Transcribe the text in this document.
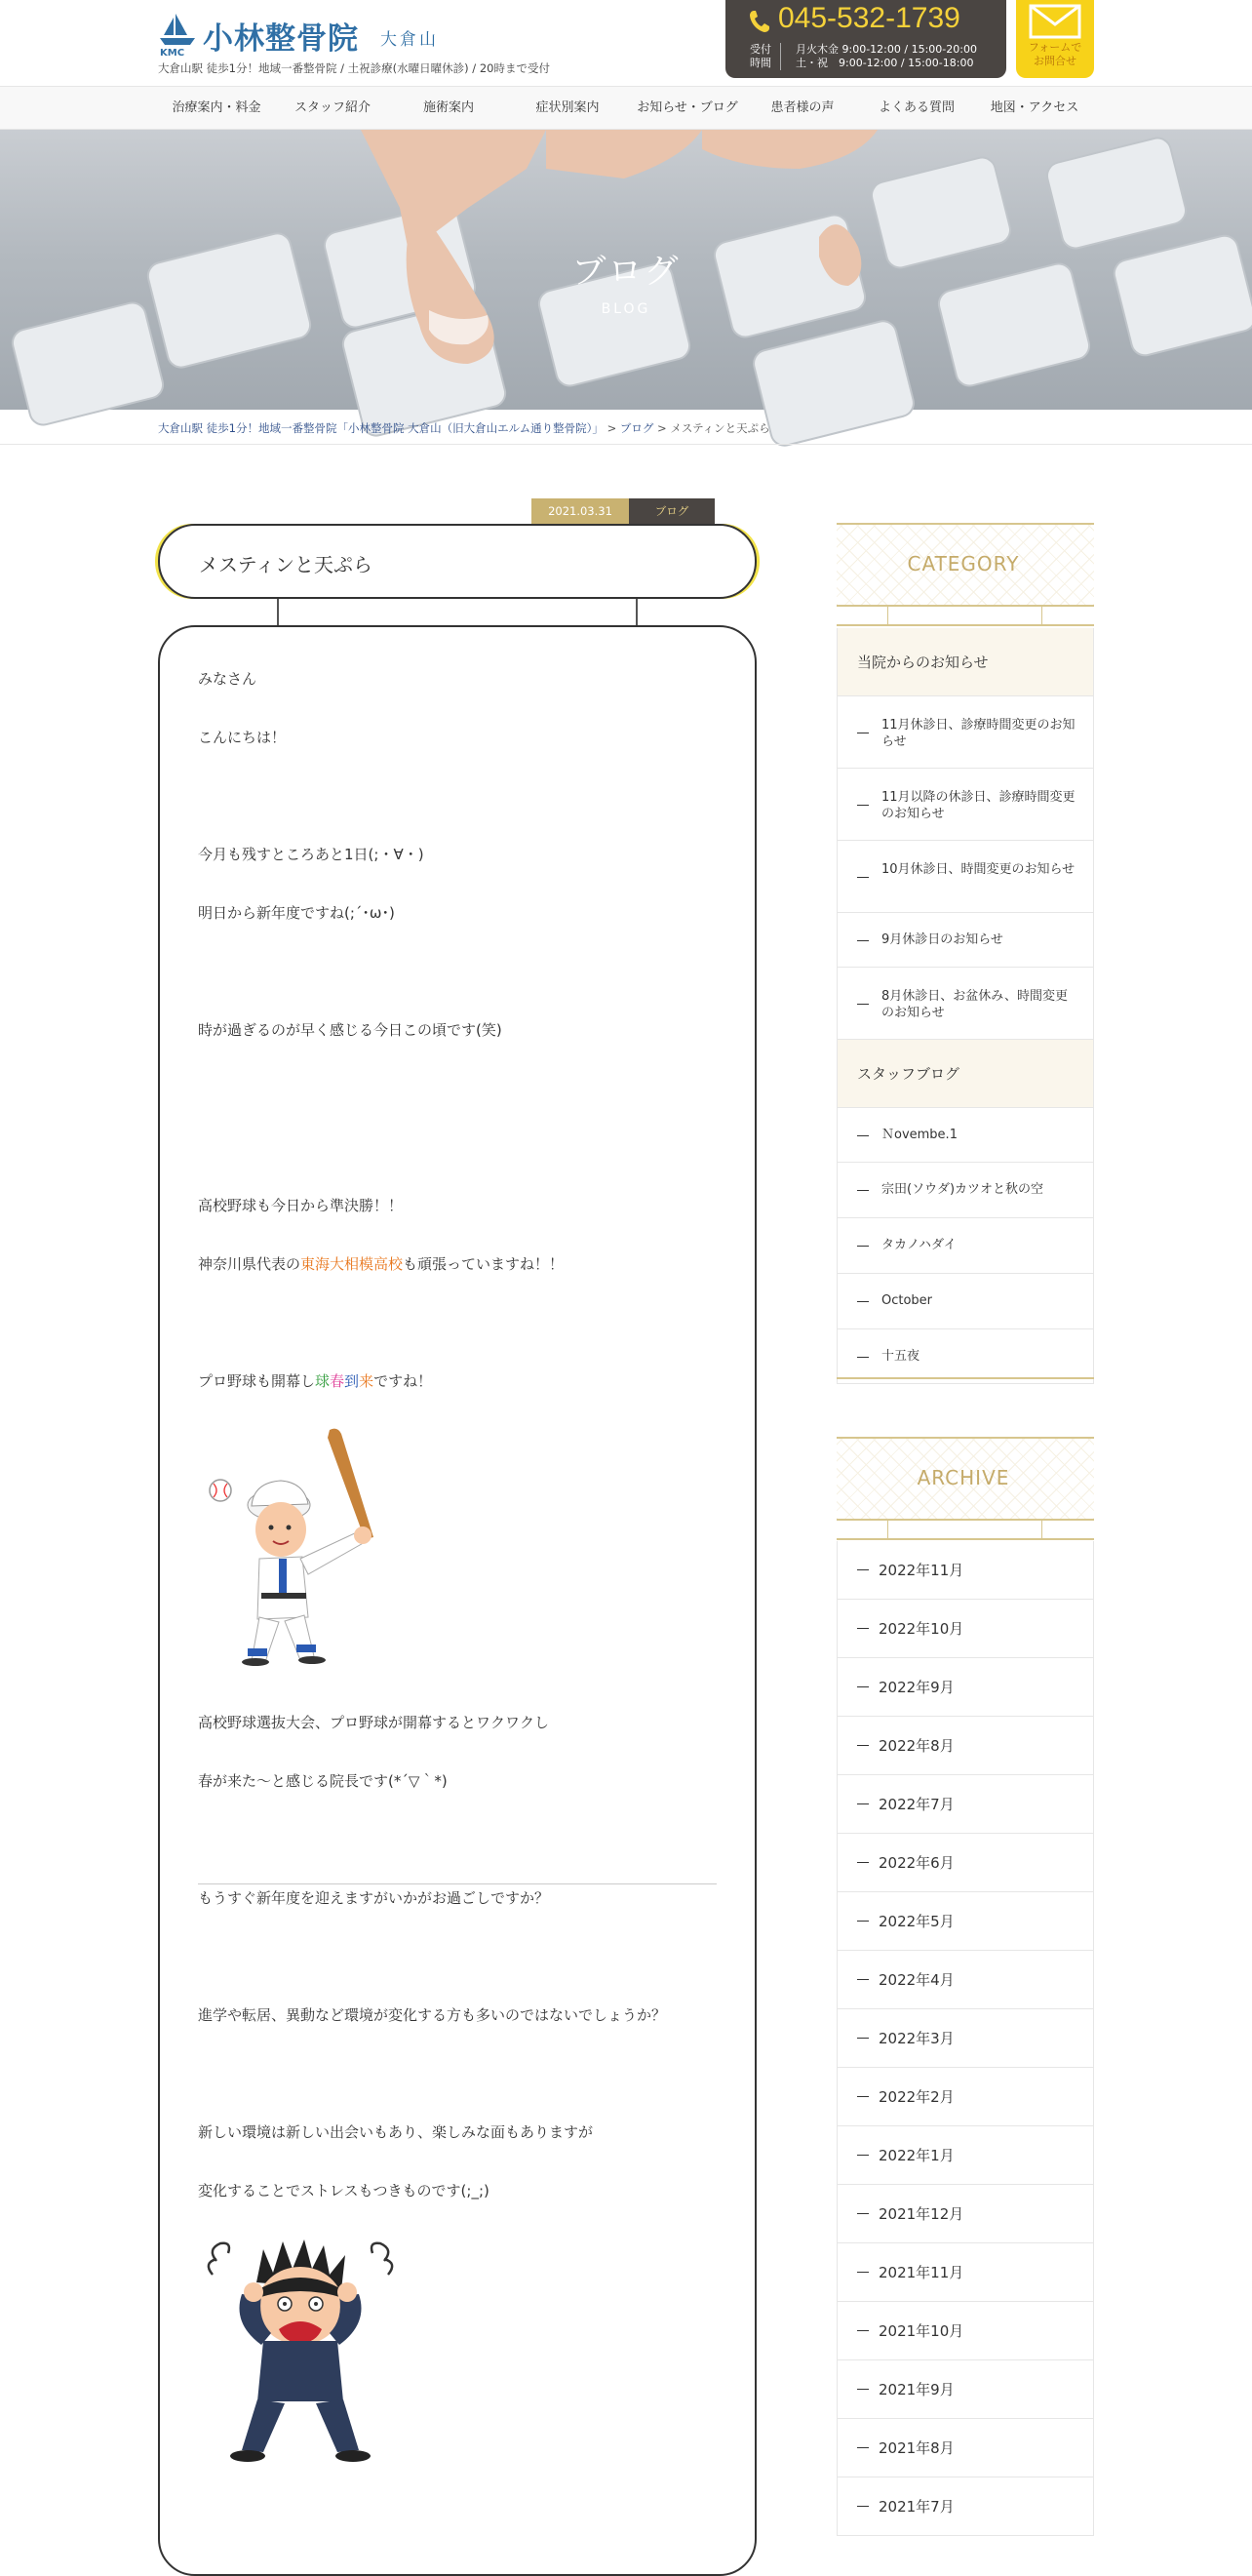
KMC 小林整骨院 大倉山
大倉山駅 徒歩1分！地域一番整骨院 / 土祝診療(水曜日曜休診) / 20時まで受付
045-532-1739
受付
時間
月火木金 9:00-12:00 / 15:00-20:00
土・祝　9:00-12:00 / 15:00-18:00
フォームで
お問合せ
治療案内・料金	スタッフ紹介	施術案内	症状別案内	お知らせ・ブログ	患者様の声	よくある質問	地図・アクセス
ブログ
BLOG
大倉山駅 徒歩1分！地域一番整骨院「小林整骨院 大倉山（旧大倉山エルム通り整骨院）」 > ブログ > メスティンと天ぷら
2021.03.31	ブログ
メスティンと天ぷら
みなさん
こんにちは！
今月も残すところあと1日(;・∀・)
明日から新年度ですね(;´･ω･)
時が過ぎるのが早く感じる今日この頃です(笑)
高校野球も今日から準決勝！！
神奈川県代表の東海大相模高校も頑張っていますね！！
プロ野球も開幕し球春到来ですね！
高校野球選抜大会、プロ野球が開幕するとワクワクし
春が来た～と感じる院長です(*´▽｀*)
もうすぐ新年度を迎えますがいかがお過ごしですか？
進学や転居、異動など環境が変化する方も多いのではないでしょうか？
新しい環境は新しい出会いもあり、楽しみな面もありますが
変化することでストレスもつきものです(;_;)
CATEGORY
当院からのお知らせ
11月休診日、診療時間変更のお知らせ
11月以降の休診日、診療時間変更のお知らせ
10月休診日、時間変更のお知らせ
9月休診日のお知らせ
8月休診日、お盆休み、時間変更のお知らせ
スタッフブログ
Ｎovembe.1
宗田(ソウダ)カツオと秋の空
タカノハダイ
October
十五夜
ARCHIVE
2022年11月
2022年10月
2022年9月
2022年8月
2022年7月
2022年6月
2022年5月
2022年4月
2022年3月
2022年2月
2022年1月
2021年12月
2021年11月
2021年10月
2021年9月
2021年8月
2021年7月
